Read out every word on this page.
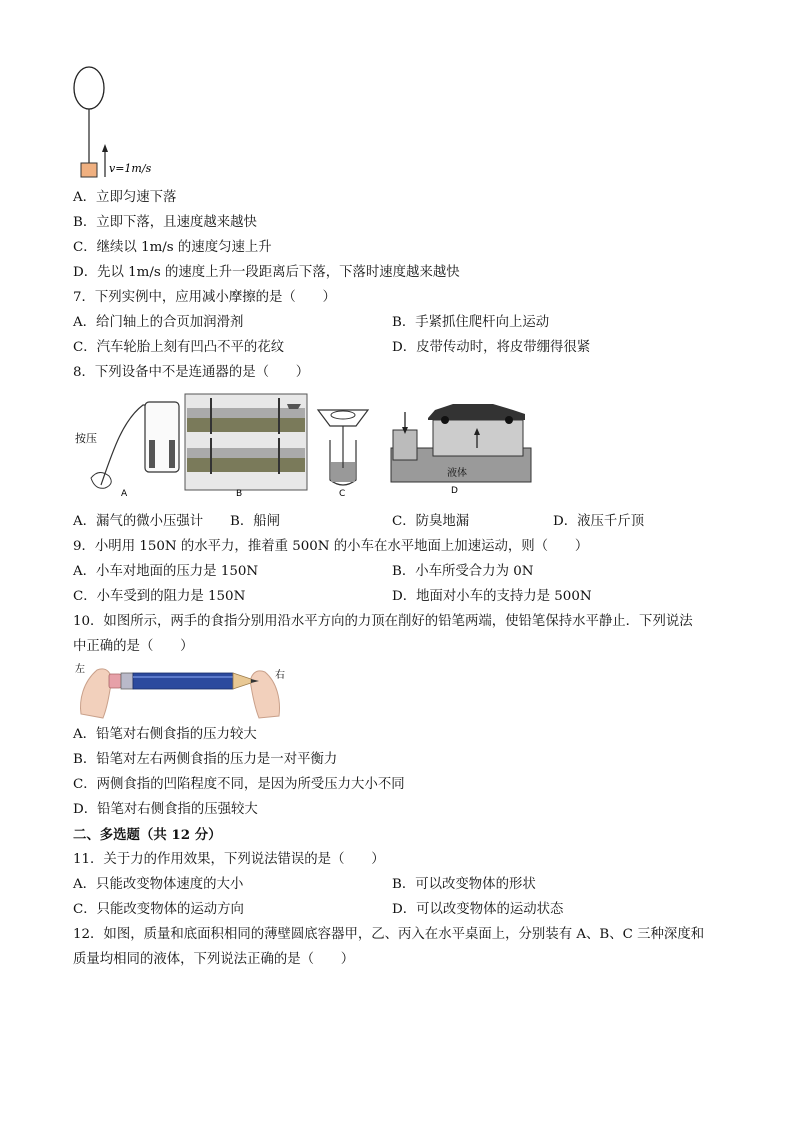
v=1m/s
A．立即匀速下落
B．立即下落，且速度越来越快
C．继续以 1m/s 的速度匀速上升
D．先以 1m/s 的速度上升一段距离后下落，下落时速度越来越快
7．下列实例中，应用减小摩擦的是（　　）
A．给门轴上的合页加润滑剂	B．手紧抓住爬杆向上运动
C．汽车轮胎上刻有凹凸不平的花纹	D．皮带传动时，将皮带绷得很紧
8．下列设备中不是连通器的是（　　）
按压
A	B	C
液体
D
A．漏气的微小压强计 B．船闸	C．防臭地漏	D．液压千斤顶
9．小明用 150N 的水平力，推着重 500N 的小车在水平地面上加速运动，则（　　）
A．小车对地面的压力是 150N	B．小车所受合力为 0N
C．小车受到的阻力是 150N	D．地面对小车的支持力是 500N
10．如图所示，两手的食指分别用沿水平方向的力顶在削好的铅笔两端，使铅笔保持水平静止．下列说法
中正确的是（　　）
左
右
A．铅笔对右侧食指的压力较大
B．铅笔对左右两侧食指的压力是一对平衡力
C．两侧食指的凹陷程度不同，是因为所受压力大小不同
D．铅笔对右侧食指的压强较大
二、多选题（共 12 分）
11．关于力的作用效果，下列说法错误的是（　　）
A．只能改变物体速度的大小	B．可以改变物体的形状
C．只能改变物体的运动方向	D．可以改变物体的运动状态
12．如图，质量和底面积相同的薄壁圆底容器甲，乙、丙入在水平桌面上，分别装有 A、B、C 三种深度和
质量均相同的液体，下列说法正确的是（　　）
